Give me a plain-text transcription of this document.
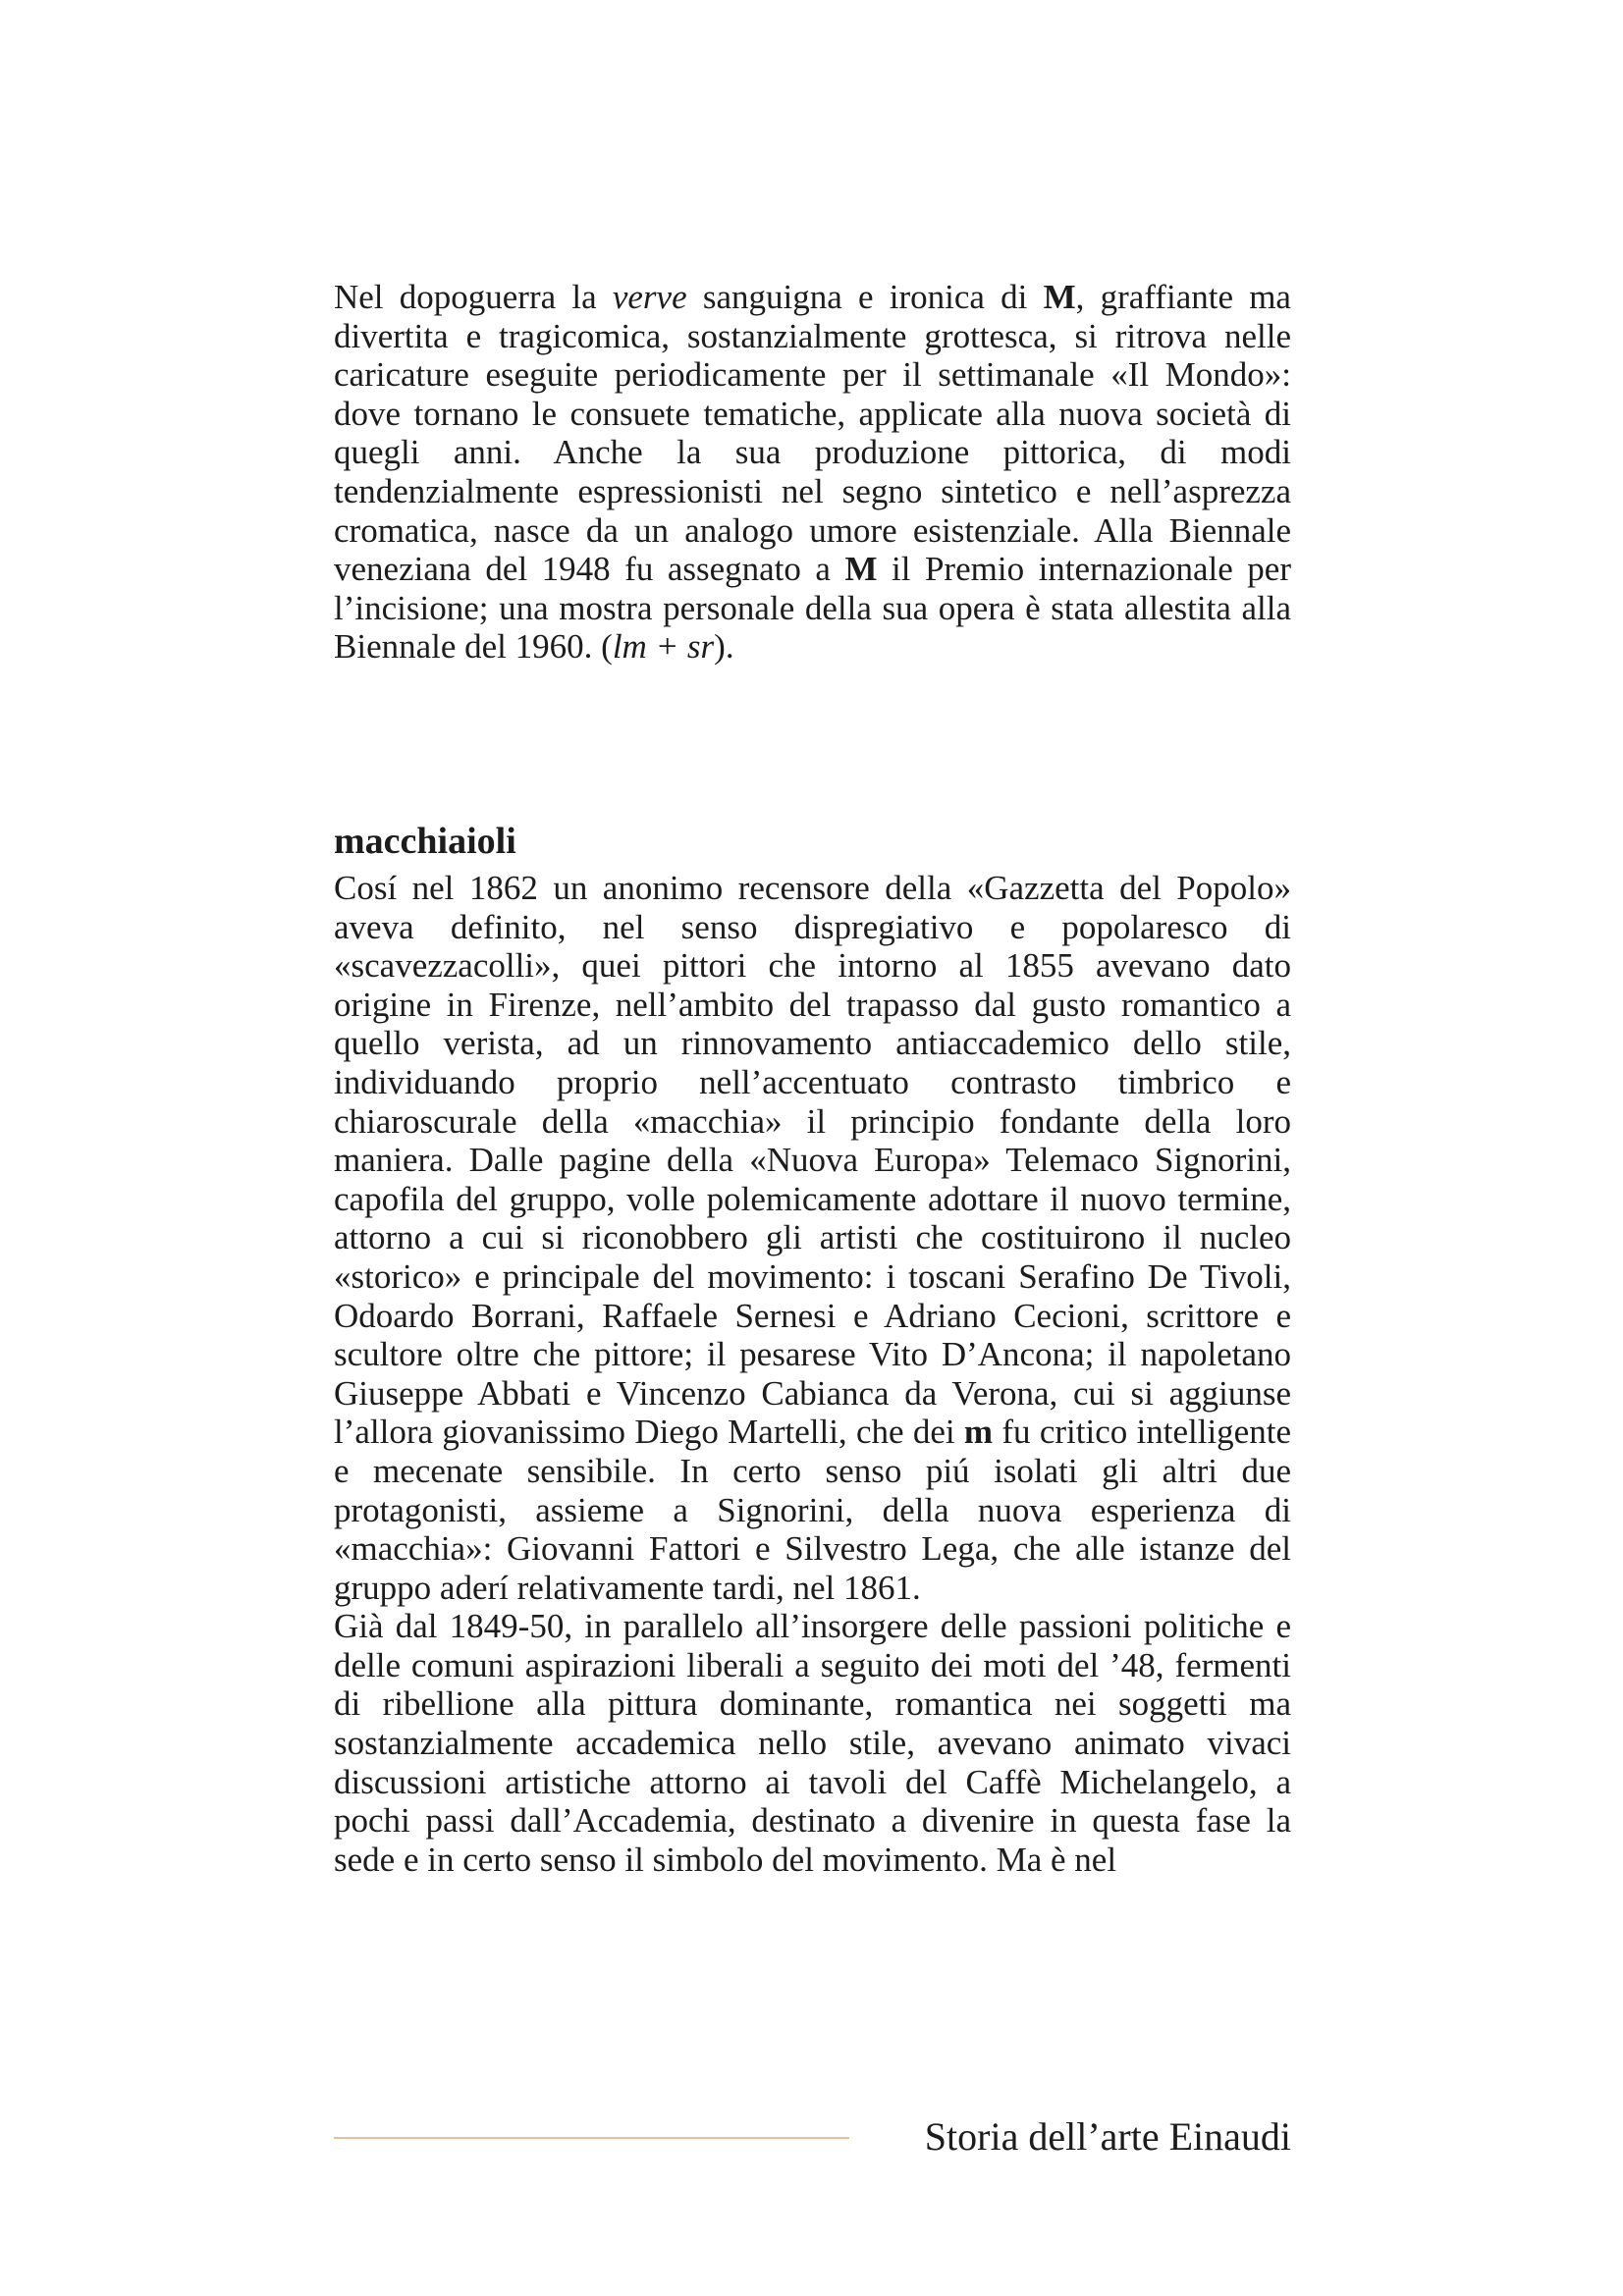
Nel dopoguerra la verve sanguigna e ironica di M, graffiante ma divertita e tragicomica, sostanzialmente grottesca, si ritrova nelle caricature eseguite periodicamente per il settimanale «Il Mondo»: dove tornano le consuete tematiche, applicate alla nuova società di quegli anni. Anche la sua produzione pittorica, di modi tendenzialmente espressionisti nel segno sintetico e nell’asprezza cromatica, nasce da un analogo umore esistenziale. Alla Biennale veneziana del 1948 fu assegnato a M il Premio internazionale per l’incisione; una mostra personale della sua opera è stata allestita alla Biennale del 1960. (lm + sr).

macchiaioli

Cosí nel 1862 un anonimo recensore della «Gazzetta del Popolo» aveva definito, nel senso dispregiativo e popolaresco di «scavezzacolli», quei pittori che intorno al 1855 avevano dato origine in Firenze, nell’ambito del trapasso dal gusto romantico a quello verista, ad un rinnovamento antiaccademico dello stile, individuando proprio nell’accentuato contrasto timbrico e chiaroscurale della «macchia» il principio fondante della loro maniera. Dalle pagine della «Nuova Europa» Telemaco Signorini, capofila del gruppo, volle polemicamente adottare il nuovo termine, attorno a cui si riconobbero gli artisti che costituirono il nucleo «storico» e principale del movimento: i toscani Serafino De Tivoli, Odoardo Borrani, Raffaele Sernesi e Adriano Cecioni, scrittore e scultore oltre che pittore; il pesarese Vito D’Ancona; il napoletano Giuseppe Abbati e Vincenzo Cabianca da Verona, cui si aggiunse l’allora giovanissimo Diego Martelli, che dei m fu critico intelligente e mecenate sensibile. In certo senso piú isolati gli altri due protagonisti, assieme a Signorini, della nuova esperienza di «macchia»: Giovanni Fattori e Silvestro Lega, che alle istanze del gruppo aderí relativamente tardi, nel 1861.

Già dal 1849-50, in parallelo all’insorgere delle passioni politiche e delle comuni aspirazioni liberali a seguito dei moti del ’48, fermenti di ribellione alla pittura dominante, romantica nei soggetti ma sostanzialmente accademica nello stile, avevano animato vivaci discussioni artistiche attorno ai tavoli del Caffè Michelangelo, a pochi passi dall’Accademia, destinato a divenire in questa fase la sede e in certo senso il simbolo del movimento. Ma è nel

Storia dell’arte Einaudi
